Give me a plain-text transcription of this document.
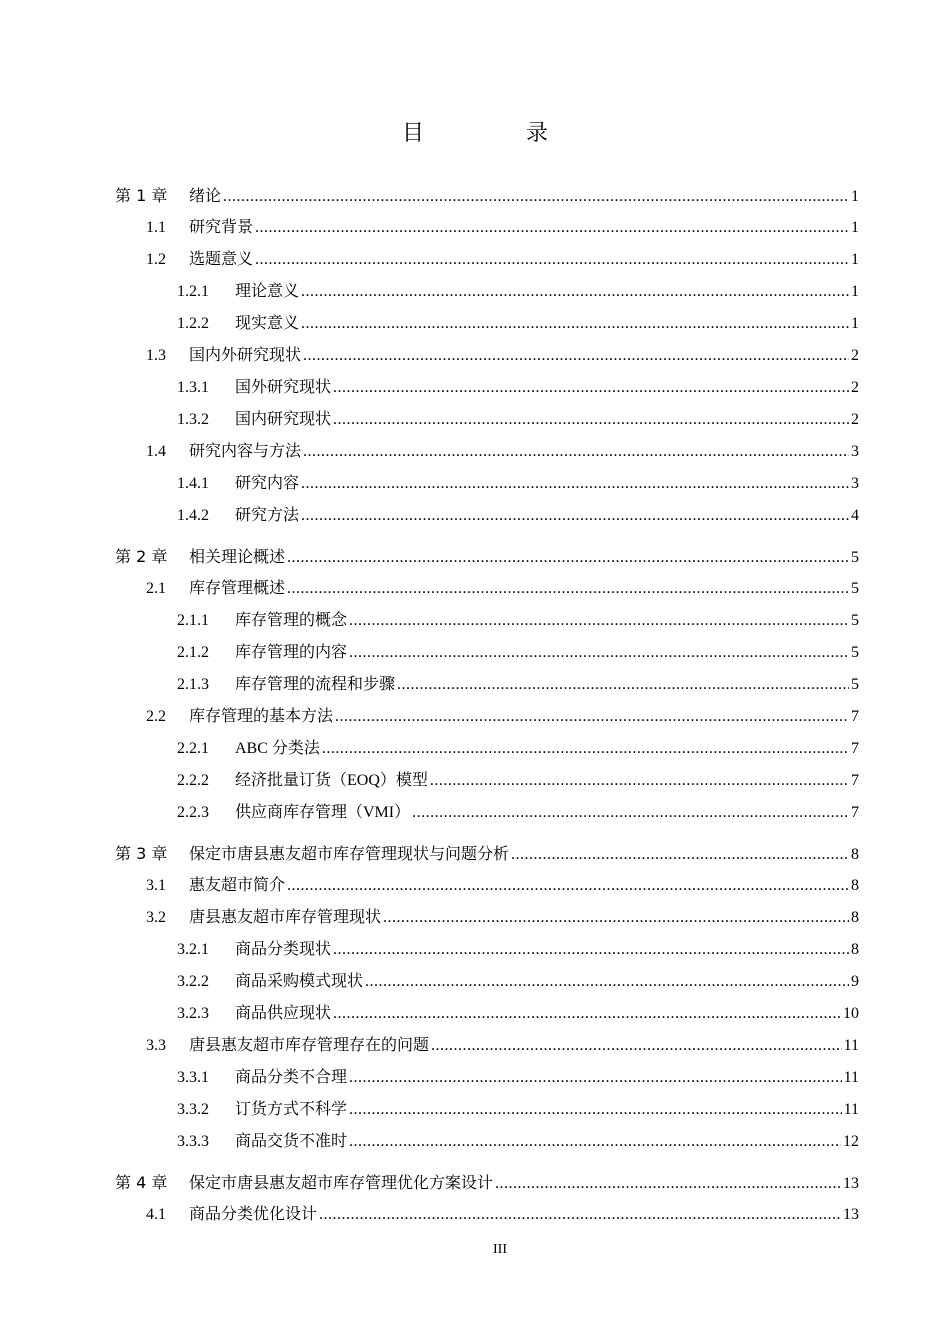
目　录
第 1 章	绪论 .....	1
1.1	研究背景 .....	1
1.2	选题意义 .....	1
1.2.1	理论意义 .....	1
1.2.2	现实意义 .....	1
1.3	国内外研究现状 .....	2
1.3.1	国外研究现状 .....	2
1.3.2	国内研究现状 .....	2
1.4	研究内容与方法 .....	3
1.4.1	研究内容 .....	3
1.4.2	研究方法 .....	4
第 2 章	相关理论概述 .....	5
2.1	库存管理概述 .....	5
2.1.1	库存管理的概念 .....	5
2.1.2	库存管理的内容 .....	5
2.1.3	库存管理的流程和步骤 .....	5
2.2	库存管理的基本方法 .....	7
2.2.1	ABC 分类法 .....	7
2.2.2	经济批量订货（EOQ）模型 .....	7
2.2.3	供应商库存管理（VMI） .....	7
第 3 章	保定市唐县惠友超市库存管理现状与问题分析 .....	8
3.1	惠友超市简介 .....	8
3.2	唐县惠友超市库存管理现状 .....	8
3.2.1	商品分类现状 .....	8
3.2.2	商品采购模式现状 .....	9
3.2.3	商品供应现状 .....	10
3.3	唐县惠友超市库存管理存在的问题 .....	11
3.3.1	商品分类不合理 .....	11
3.3.2	订货方式不科学 .....	11
3.3.3	商品交货不准时 .....	12
第 4 章	保定市唐县惠友超市库存管理优化方案设计 .....	13
4.1	商品分类优化设计 .....	13
III
